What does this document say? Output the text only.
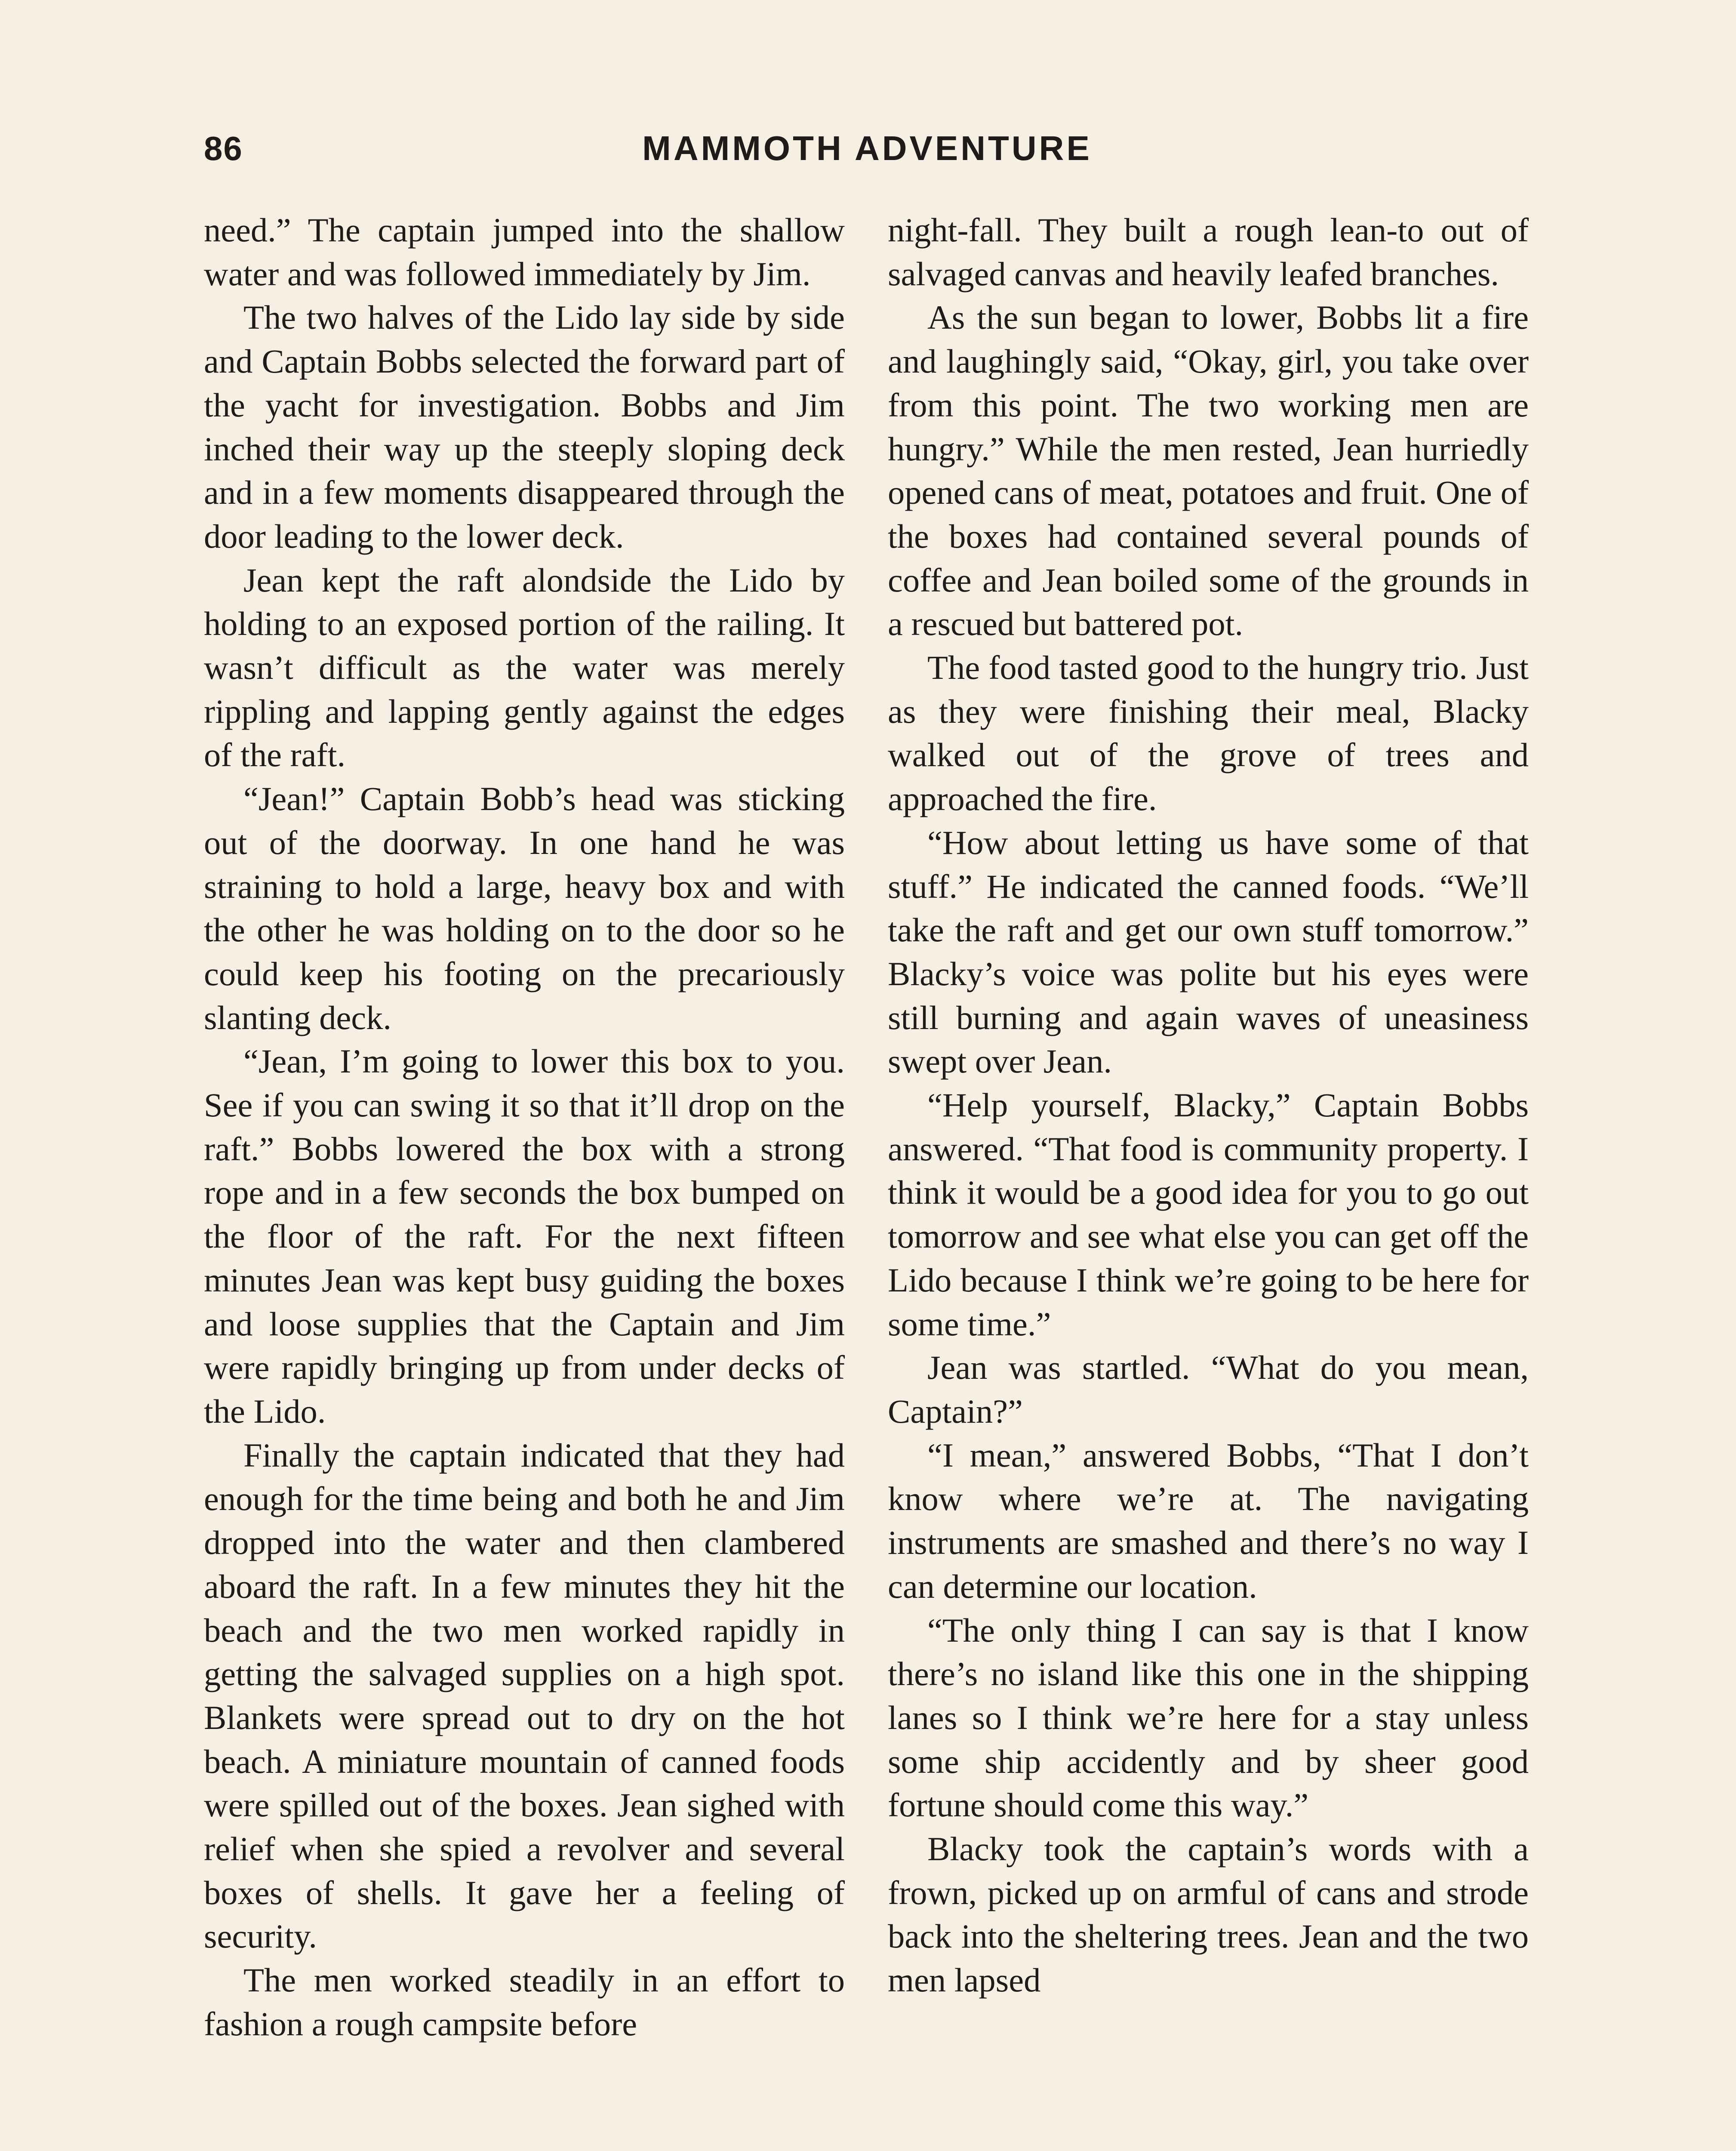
86	MAMMOTH ADVENTURE

need.” The captain jumped into the shallow water and was followed immediately by Jim.

The two halves of the Lido lay side by side and Captain Bobbs selected the forward part of the yacht for investigation. Bobbs and Jim inched their way up the steeply sloping deck and in a few moments disappeared through the door leading to the lower deck.

Jean kept the raft alondside the Lido by holding to an exposed portion of the railing. It wasn’t difficult as the water was merely rippling and lapping gently against the edges of the raft.

“Jean!” Captain Bobb’s head was sticking out of the doorway. In one hand he was straining to hold a large, heavy box and with the other he was holding on to the door so he could keep his footing on the precariously slanting deck.

“Jean, I’m going to lower this box to you. See if you can swing it so that it’ll drop on the raft.” Bobbs lowered the box with a strong rope and in a few seconds the box bumped on the floor of the raft. For the next fifteen minutes Jean was kept busy guiding the boxes and loose supplies that the Captain and Jim were rapidly bringing up from under decks of the Lido.

Finally the captain indicated that they had enough for the time being and both he and Jim dropped into the water and then clambered aboard the raft. In a few minutes they hit the beach and the two men worked rapidly in getting the salvaged supplies on a high spot. Blankets were spread out to dry on the hot beach. A miniature mountain of canned foods were spilled out of the boxes. Jean sighed with relief when she spied a revolver and several boxes of shells. It gave her a feeling of security.

The men worked steadily in an effort to fashion a rough campsite before

night-fall. They built a rough lean-to out of salvaged canvas and heavily leafed branches.

As the sun began to lower, Bobbs lit a fire and laughingly said, “Okay, girl, you take over from this point. The two working men are hungry.” While the men rested, Jean hurriedly opened cans of meat, potatoes and fruit. One of the boxes had contained several pounds of coffee and Jean boiled some of the grounds in a rescued but battered pot.

The food tasted good to the hungry trio. Just as they were finishing their meal, Blacky walked out of the grove of trees and approached the fire.

“How about letting us have some of that stuff.” He indicated the canned foods. “We’ll take the raft and get our own stuff tomorrow.” Blacky’s voice was polite but his eyes were still burning and again waves of uneasiness swept over Jean.

“Help yourself, Blacky,” Captain Bobbs answered. “That food is community property. I think it would be a good idea for you to go out tomorrow and see what else you can get off the Lido because I think we’re going to be here for some time.”

Jean was startled. “What do you mean, Captain?”

“I mean,” answered Bobbs, “That I don’t know where we’re at. The navigating instruments are smashed and there’s no way I can determine our location.

“The only thing I can say is that I know there’s no island like this one in the shipping lanes so I think we’re here for a stay unless some ship accidently and by sheer good fortune should come this way.”

Blacky took the captain’s words with a frown, picked up on armful of cans and strode back into the sheltering trees. Jean and the two men lapsed
